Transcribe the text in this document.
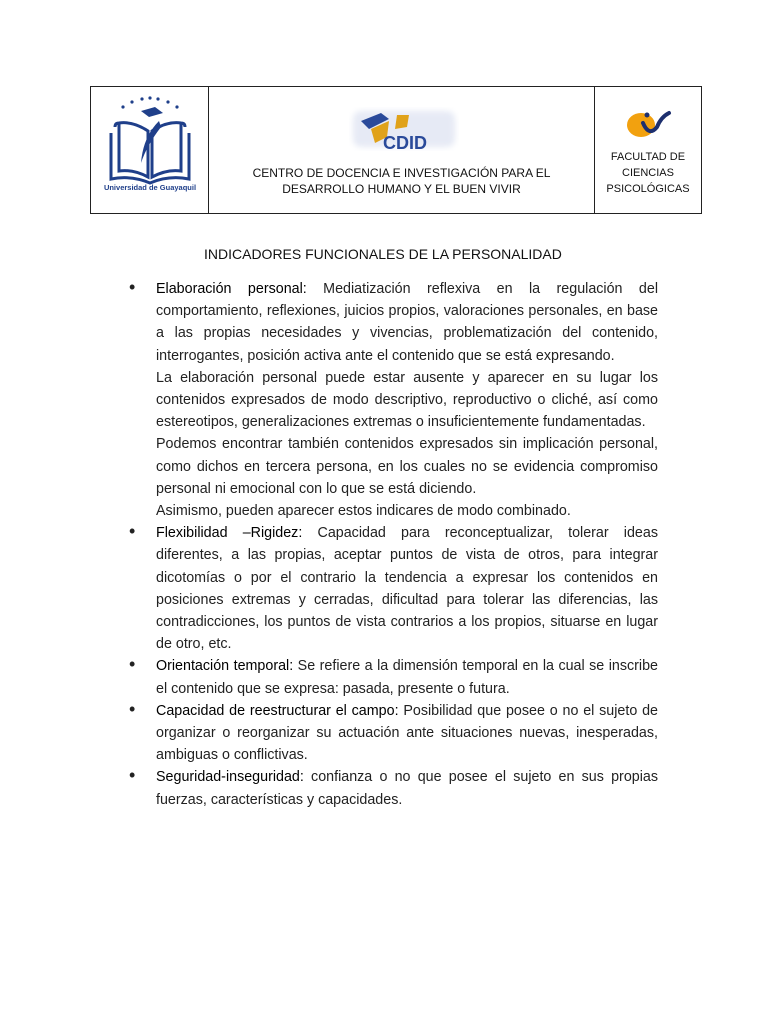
Universidad de Guayaquil
CDID
CENTRO DE DOCENCIA E INVESTIGACIÓN PARA EL
DESARROLLO HUMANO Y EL BUEN VIVIR
FACULTAD DE
CIENCIAS
PSICOLÓGICAS
INDICADORES FUNCIONALES DE LA PERSONALIDAD
• Elaboración personal: Mediatización reflexiva en la regulación del comportamiento, reflexiones, juicios propios, valoraciones personales, en base a las propias necesidades y vivencias, problematización del contenido, interrogantes, posición activa ante el contenido que se está expresando.

La elaboración personal puede estar ausente y aparecer en su lugar los contenidos expresados de modo descriptivo, reproductivo o cliché, así como estereotipos, generalizaciones extremas o insuficientemente fundamentadas.

Podemos encontrar también contenidos expresados sin implicación personal, como dichos en tercera persona, en los cuales no se evidencia compromiso personal ni emocional con lo que se está diciendo.

Asimismo, pueden aparecer estos indicares de modo combinado.

• Flexibilidad –Rigidez: Capacidad para reconceptualizar, tolerar ideas diferentes, a las propias, aceptar puntos de vista de otros, para integrar dicotomías o por el contrario la tendencia a expresar los contenidos en posiciones extremas y cerradas, dificultad para tolerar las diferencias, las contradicciones, los puntos de vista contrarios a los propios, situarse en lugar de otro, etc.

• Orientación temporal: Se refiere a la dimensión temporal en la cual se inscribe el contenido que se expresa: pasada, presente o futura.

• Capacidad de reestructurar el campo: Posibilidad que posee o no el sujeto de organizar o reorganizar su actuación ante situaciones nuevas, inesperadas, ambiguas o conflictivas.

• Seguridad-inseguridad: confianza o no que posee el sujeto en sus propias fuerzas, características y capacidades.
